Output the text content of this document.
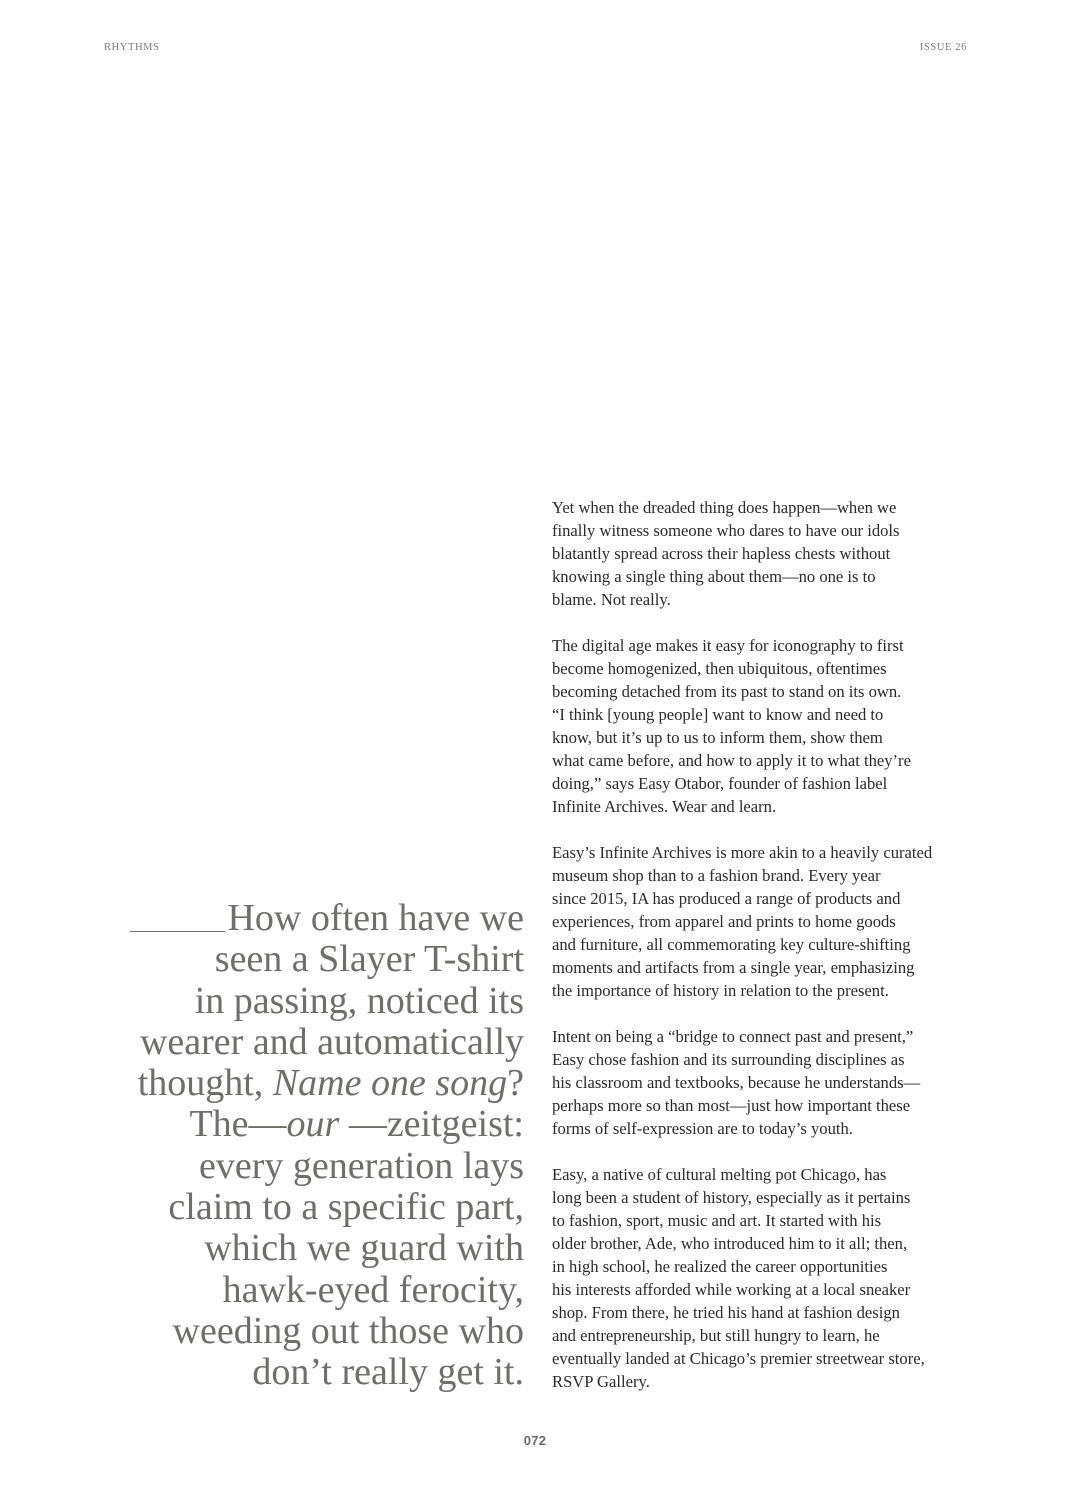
RHYTHMS	ISSUE 26

Yet when the dreaded thing does happen—when we
finally witness someone who dares to have our idols
blatantly spread across their hapless chests without
knowing a single thing about them—no one is to
blame. Not really.

The digital age makes it easy for iconography to first
become homogenized, then ubiquitous, oftentimes
becoming detached from its past to stand on its own.
“I think [young people] want to know and need to
know, but it’s up to us to inform them, show them
what came before, and how to apply it to what they’re
doing,” says Easy Otabor, founder of fashion label
Infinite Archives. Wear and learn.

Easy’s Infinite Archives is more akin to a heavily curated
museum shop than to a fashion brand. Every year
since 2015, IA has produced a range of products and
experiences, from apparel and prints to home goods
and furniture, all commemorating key culture-shifting
moments and artifacts from a single year, emphasizing
the importance of history in relation to the present.

Intent on being a “bridge to connect past and present,”
Easy chose fashion and its surrounding disciplines as
his classroom and textbooks, because he understands—
perhaps more so than most—just how important these
forms of self-expression are to today’s youth.

Easy, a native of cultural melting pot Chicago, has
long been a student of history, especially as it pertains
to fashion, sport, music and art. It started with his
older brother, Ade, who introduced him to it all; then,
in high school, he realized the career opportunities
his interests afforded while working at a local sneaker
shop. From there, he tried his hand at fashion design
and entrepreneurship, but still hungry to learn, he
eventually landed at Chicago’s premier streetwear store,
RSVP Gallery.

How often have we
seen a Slayer T-shirt
in passing, noticed its
wearer and automatically
thought, Name one song?
The—our —zeitgeist:
every generation lays
claim to a specific part,
which we guard with
hawk-eyed ferocity,
weeding out those who
don’t really get it.
072
